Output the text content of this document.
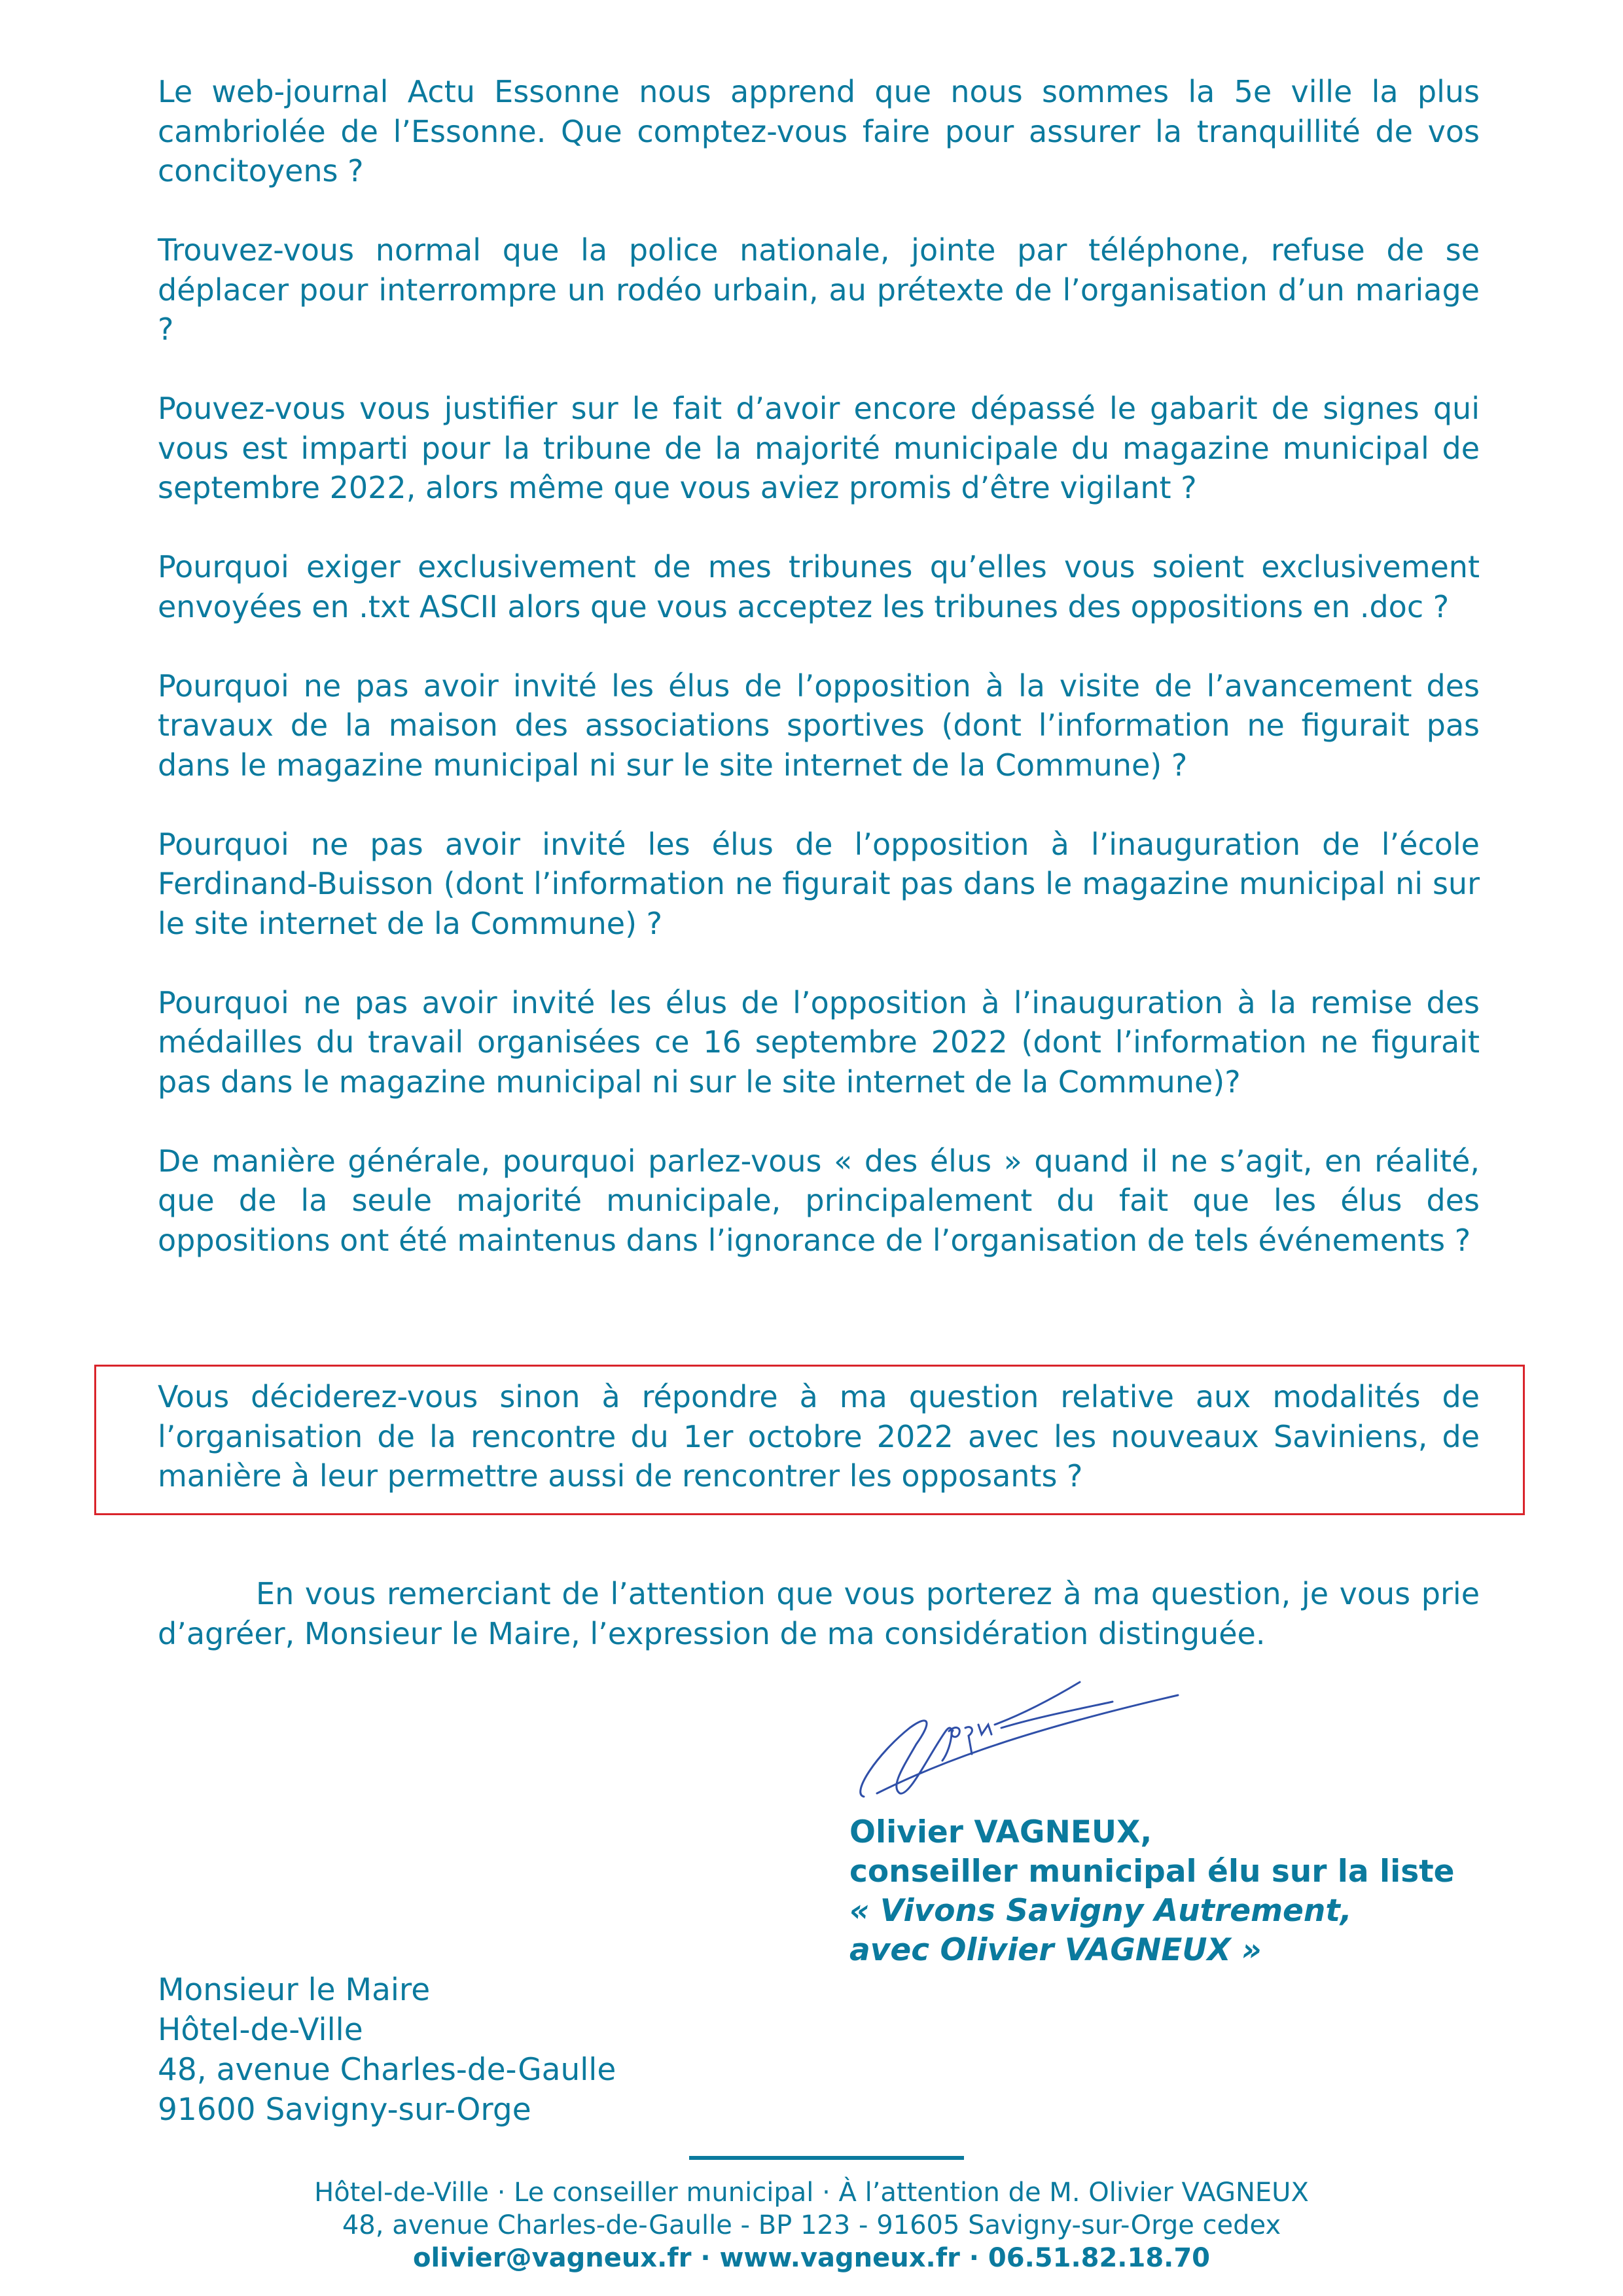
Le web-journal Actu Essonne nous apprend que nous sommes la 5e ville la plus cambriolée de l’Essonne. Que comptez-vous faire pour assurer la tranquillité de vos concitoyens ?

Trouvez-vous normal que la police nationale, jointe par téléphone, refuse de se déplacer pour interrompre un rodéo urbain, au prétexte de l’organisation d’un mariage ?

Pouvez-vous vous justifier sur le fait d’avoir encore dépassé le gabarit de signes qui vous est imparti pour la tribune de la majorité municipale du magazine municipal de septembre 2022, alors même que vous aviez promis d’être vigilant ?

Pourquoi exiger exclusivement de mes tribunes qu’elles vous soient exclusivement envoyées en .txt ASCII alors que vous acceptez les tribunes des oppositions en .doc ?

Pourquoi ne pas avoir invité les élus de l’opposition à la visite de l’avancement des travaux de la maison des associations sportives (dont l’information ne figurait pas dans le magazine municipal ni sur le site internet de la Commune) ?

Pourquoi ne pas avoir invité les élus de l’opposition à l’inauguration de l’école Ferdinand-Buisson (dont l’information ne figurait pas dans le magazine municipal ni sur le site internet de la Commune) ?

Pourquoi ne pas avoir invité les élus de l’opposition à l’inauguration à la remise des médailles du travail organisées ce 16 septembre 2022 (dont l’information ne figurait pas dans le magazine municipal ni sur le site internet de la Commune)?

De manière générale, pourquoi parlez-vous « des élus » quand il ne s’agit, en réalité, que de la seule majorité municipale, principalement du fait que les élus des oppositions ont été maintenus dans l’ignorance de l’organisation de tels événements ?

Vous déciderez-vous sinon à répondre à ma question relative aux modalités de l’organisation de la rencontre du 1er octobre 2022 avec les nouveaux Saviniens, de manière à leur permettre aussi de rencontrer les opposants ?

En vous remerciant de l’attention que vous porterez à ma question, je vous prie d’agréer, Monsieur le Maire, l’expression de ma considération distinguée.

Olivier VAGNEUX,
conseiller municipal élu sur la liste
« Vivons Savigny Autrement,
avec Olivier VAGNEUX »
Monsieur le Maire
Hôtel-de-Ville
48, avenue Charles-de-Gaulle
91600 Savigny-sur-Orge
Hôtel-de-Ville · Le conseiller municipal · À l’attention de M. Olivier VAGNEUX
48, avenue Charles-de-Gaulle - BP 123 - 91605 Savigny-sur-Orge cedex
olivier@vagneux.fr · www.vagneux.fr · 06.51.82.18.70
